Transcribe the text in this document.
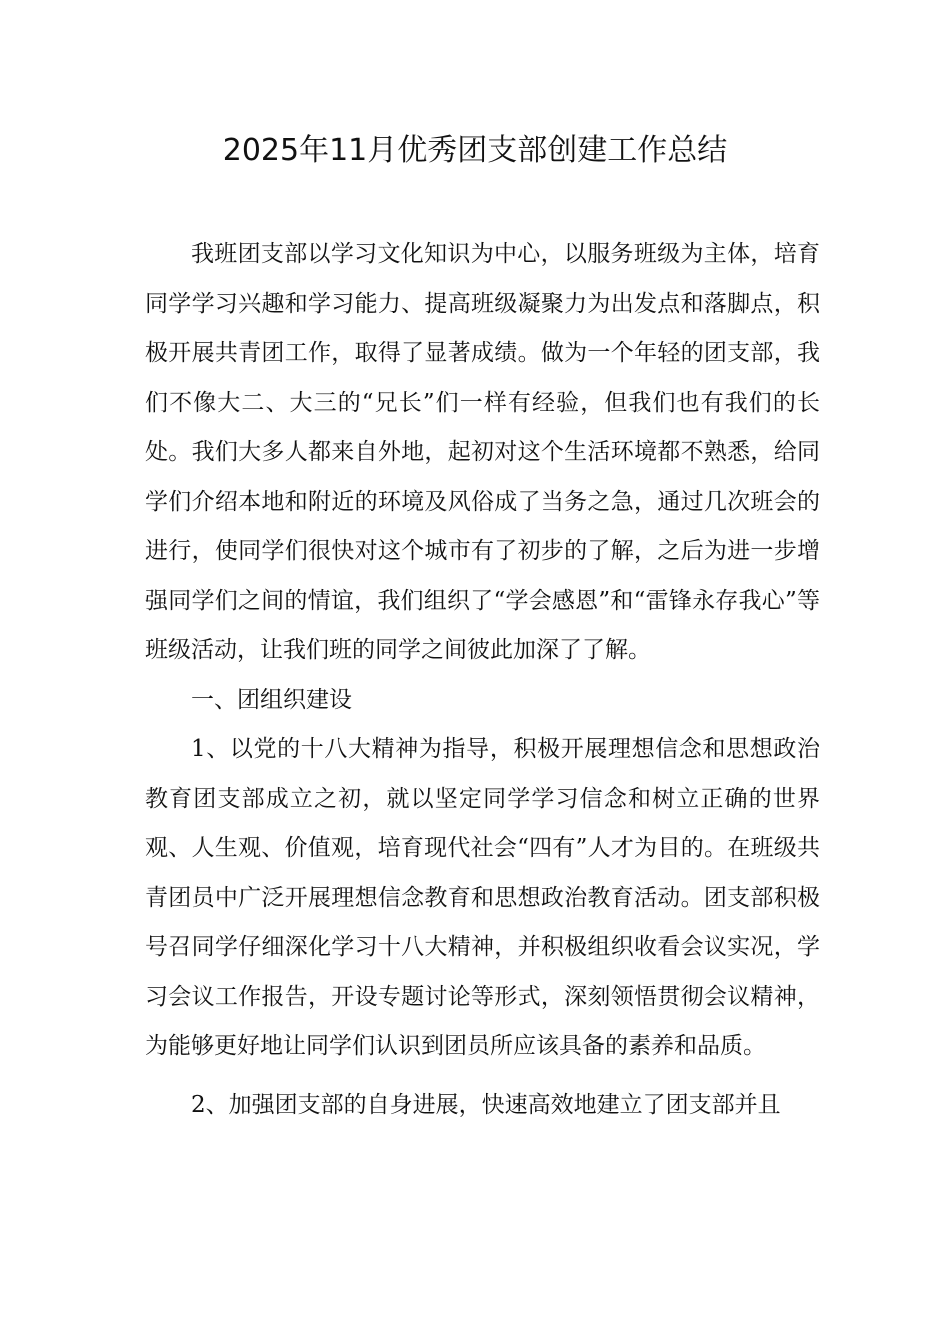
2025年11月优秀团支部创建工作总结

我班团支部以学习文化知识为中心，以服务班级为主体，培育同学学习兴趣和学习能力、提高班级凝聚力为出发点和落脚点，积极开展共青团工作，取得了显著成绩。做为一个年轻的团支部，我们不像大二、大三的“兄长”们一样有经验，但我们也有我们的长处。我们大多人都来自外地，起初对这个生活环境都不熟悉，给同学们介绍本地和附近的环境及风俗成了当务之急，通过几次班会的进行，使同学们很快对这个城市有了初步的了解，之后为进一步增强同学们之间的情谊，我们组织了“学会感恩”和“雷锋永存我心”等班级活动，让我们班的同学之间彼此加深了了解。

一、团组织建设

1、以党的十八大精神为指导，积极开展理想信念和思想政治教育团支部成立之初，就以坚定同学学习信念和树立正确的世界观、人生观、价值观，培育现代社会“四有”人才为目的。在班级共青团员中广泛开展理想信念教育和思想政治教育活动。团支部积极号召同学仔细深化学习十八大精神，并积极组织收看会议实况，学习会议工作报告，开设专题讨论等形式，深刻领悟贯彻会议精神，为能够更好地让同学们认识到团员所应该具备的素养和品质。

2、加强团支部的自身进展，快速高效地建立了团支部并且
